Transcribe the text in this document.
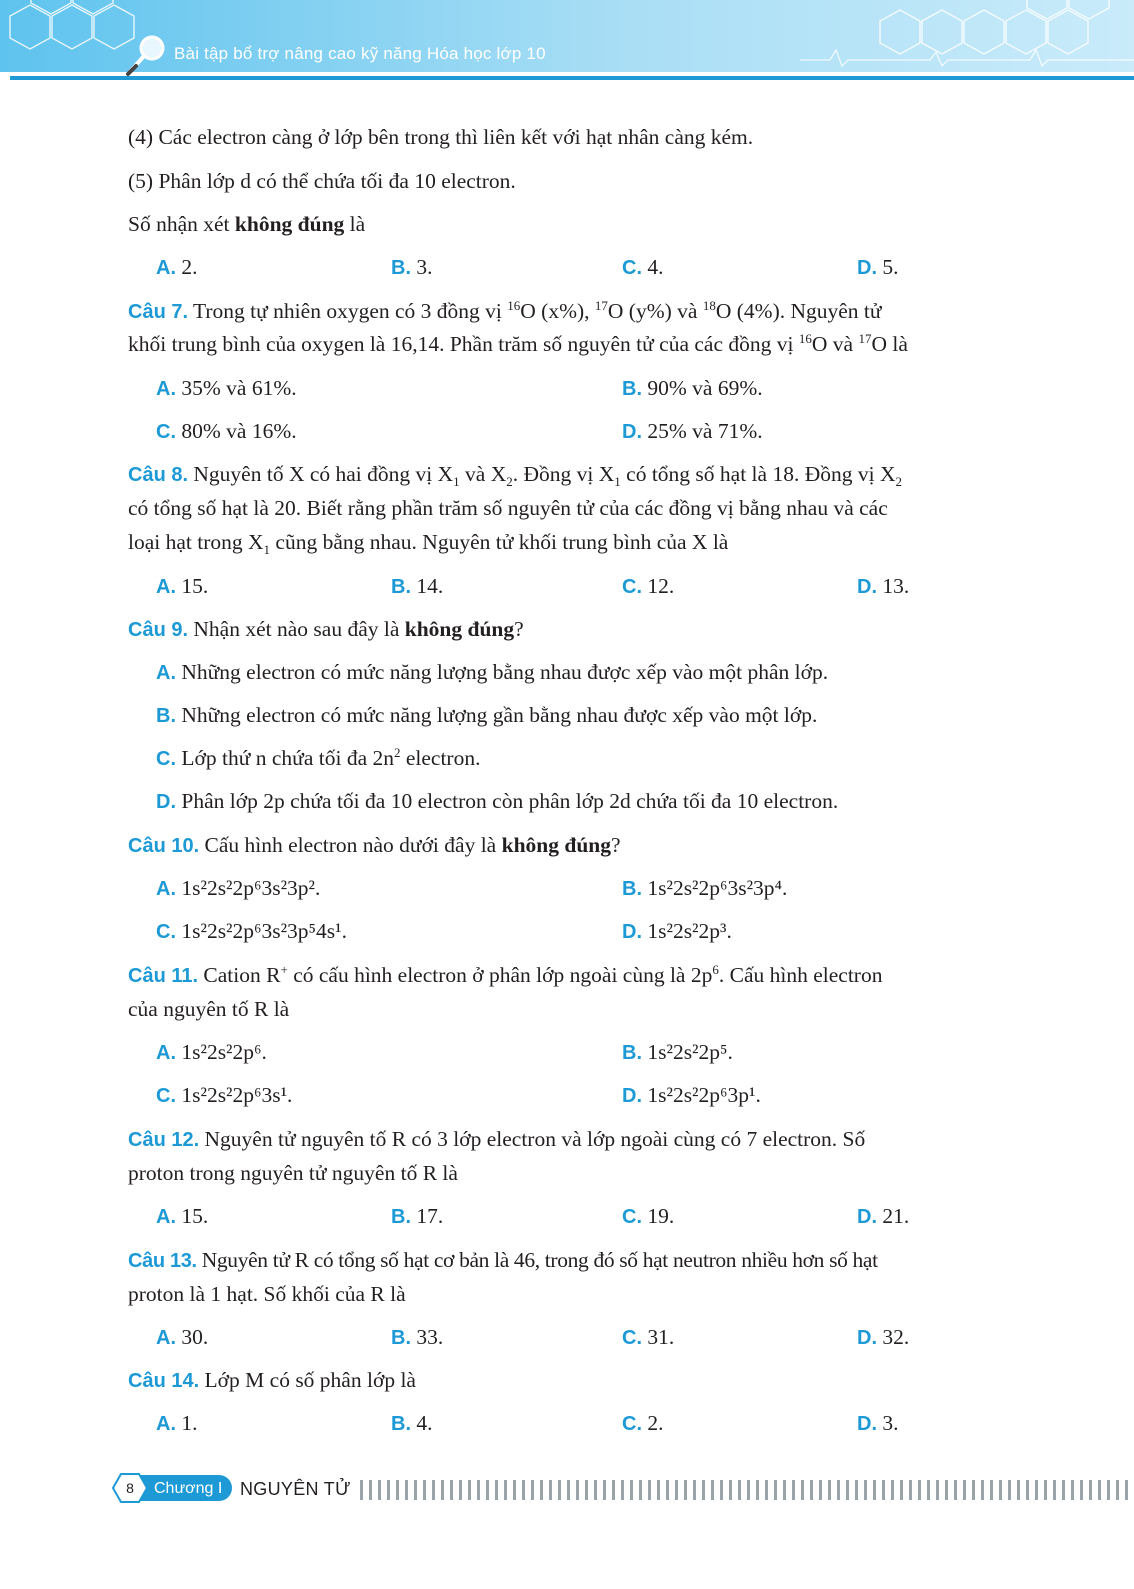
Bài tập bổ trợ nâng cao kỹ năng Hóa học lớp 10
(4) Các electron càng ở lớp bên trong thì liên kết với hạt nhân càng kém.
(5) Phân lớp d có thể chứa tối đa 10 electron.
Số nhận xét không đúng là
A. 2.	B. 3.	C. 4.	D. 5.
Câu 7. Trong tự nhiên oxygen có 3 đồng vị $^{16}$O (x%), $^{17}$O (y%) và $^{18}$O (4%). Nguyên tử
khối trung bình của oxygen là 16,14. Phần trăm số nguyên tử của các đồng vị $^{16}$O và $^{17}$O là
A. 35% và 61%.	B. 90% và 69%.
C. 80% và 16%.	D. 25% và 71%.
Câu 8. Nguyên tố X có hai đồng vị $X_1$ và $X_2$. Đồng vị $X_1$ có tổng số hạt là 18. Đồng vị $X_2$
có tổng số hạt là 20. Biết rằng phần trăm số nguyên tử của các đồng vị bằng nhau và các
loại hạt trong $X_1$ cũng bằng nhau. Nguyên tử khối trung bình của X là
A. 15.	B. 14.	C. 12.	D. 13.
Câu 9. Nhận xét nào sau đây là không đúng?
A. Những electron có mức năng lượng bằng nhau được xếp vào một phân lớp.
B. Những electron có mức năng lượng gần bằng nhau được xếp vào một lớp.
C. Lớp thứ n chứa tối đa $2n^2$ electron.
D. Phân lớp 2p chứa tối đa 10 electron còn phân lớp 2d chứa tối đa 10 electron.
Câu 10. Cấu hình electron nào dưới đây là không đúng?
A. 1s²2s²2p⁶3s²3p².	B. 1s²2s²2p⁶3s²3p⁴.
C. 1s²2s²2p⁶3s²3p⁵4s¹.	D. 1s²2s²2p³.
Câu 11. Cation R+ có cấu hình electron ở phân lớp ngoài cùng là $2p^6$. Cấu hình electron
của nguyên tố R là
A. 1s²2s²2p⁶.	B. 1s²2s²2p⁵.
C. 1s²2s²2p⁶3s¹.	D. 1s²2s²2p⁶3p¹.
Câu 12. Nguyên tử nguyên tố R có 3 lớp electron và lớp ngoài cùng có 7 electron. Số
proton trong nguyên tử nguyên tố R là
A. 15.	B. 17.	C. 19.	D. 21.
Câu 13. Nguyên tử R có tổng số hạt cơ bản là 46, trong đó số hạt neutron nhiều hơn số hạt
proton là 1 hạt. Số khối của R là
A. 30.	B. 33.	C. 31.	D. 32.
Câu 14. Lớp M có số phân lớp là
A. 1.	B. 4.	C. 2.	D. 3.
8	Chương I NGUYÊN TỬ
